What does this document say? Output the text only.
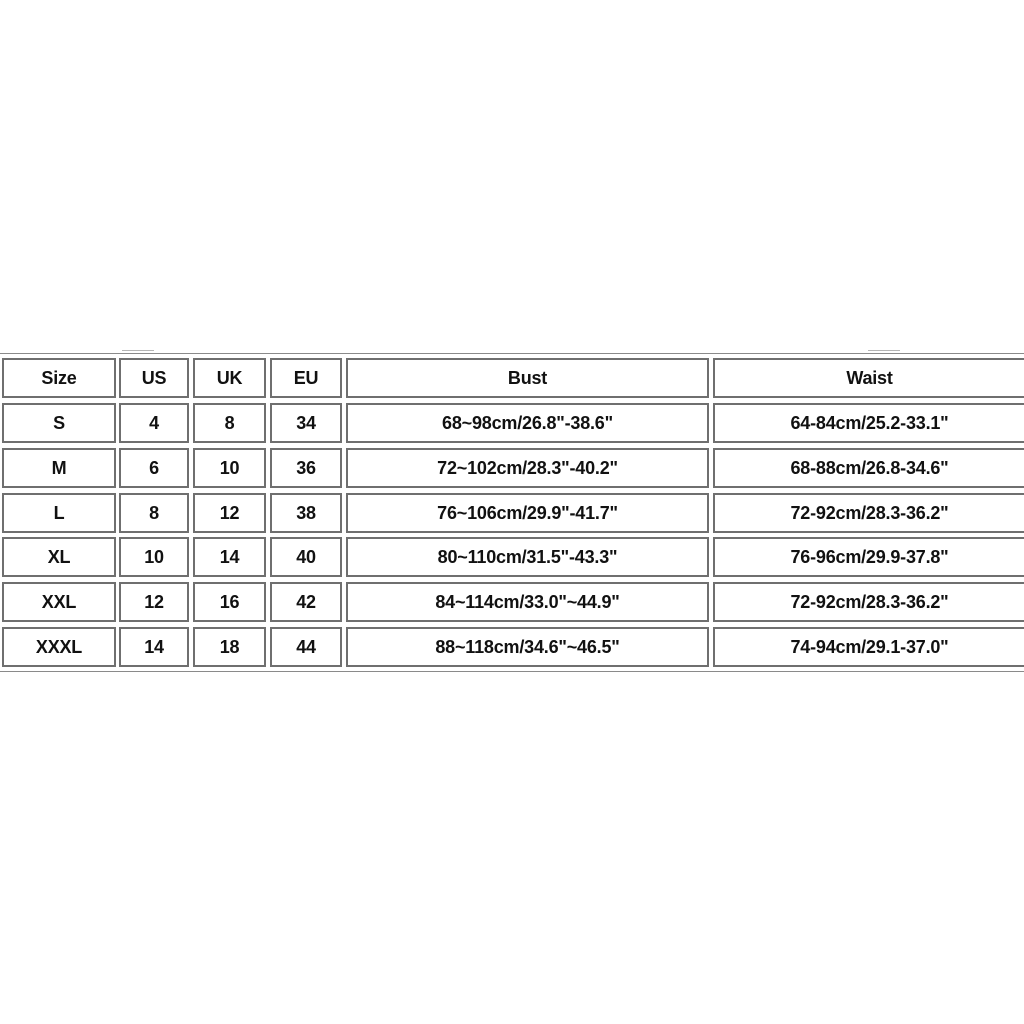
Size	US	UK	EU	Bust	Waist
S	4	8	34	68~98cm/26.8"-38.6"	64-84cm/25.2-33.1"
M	6	10	36	72~102cm/28.3"-40.2"	68-88cm/26.8-34.6"
L	8	12	38	76~106cm/29.9"-41.7"	72-92cm/28.3-36.2"
XL	10	14	40	80~110cm/31.5"-43.3"	76-96cm/29.9-37.8"
XXL	12	16	42	84~114cm/33.0"~44.9"	72-92cm/28.3-36.2"
XXXL	14	18	44	88~118cm/34.6"~46.5"	74-94cm/29.1-37.0"
